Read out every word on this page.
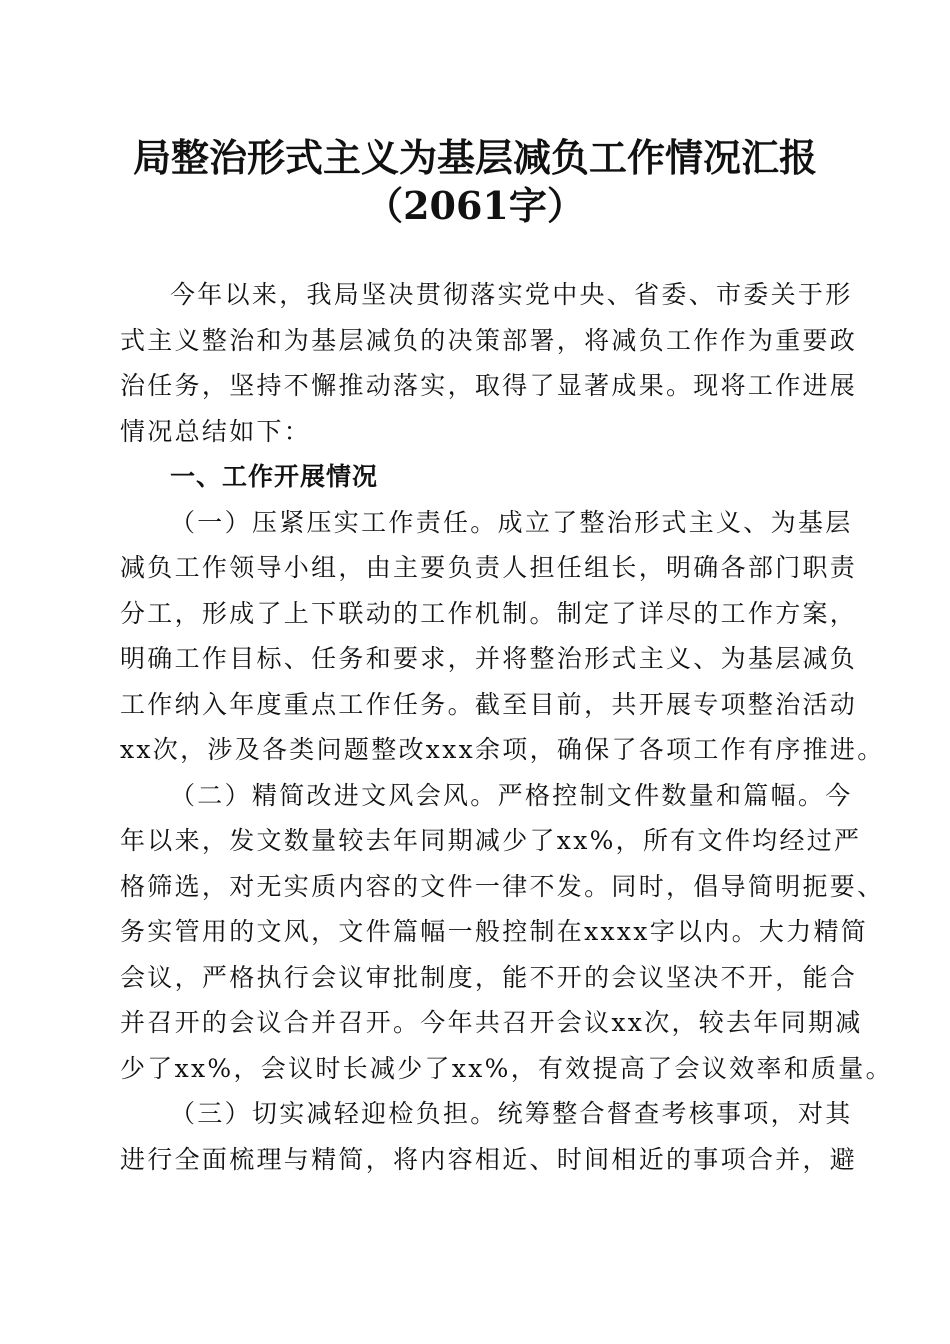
局整治形式主义为基层减负工作情况汇报
（2061字）
今年以来，我局坚决贯彻落实党中央、省委、市委关于形
式主义整治和为基层减负的决策部署，将减负工作作为重要政
治任务，坚持不懈推动落实，取得了显著成果。现将工作进展
情况总结如下：
一、工作开展情况
（一）压紧压实工作责任。成立了整治形式主义、为基层
减负工作领导小组，由主要负责人担任组长，明确各部门职责
分工，形成了上下联动的工作机制。制定了详尽的工作方案，
明确工作目标、任务和要求，并将整治形式主义、为基层减负
工作纳入年度重点工作任务。截至目前，共开展专项整治活动
xx次，涉及各类问题整改xxx余项，确保了各项工作有序推进。
（二）精简改进文风会风。严格控制文件数量和篇幅。今
年以来，发文数量较去年同期减少了xx%，所有文件均经过严
格筛选，对无实质内容的文件一律不发。同时，倡导简明扼要、
务实管用的文风，文件篇幅一般控制在xxxx字以内。大力精简
会议，严格执行会议审批制度，能不开的会议坚决不开，能合
并召开的会议合并召开。今年共召开会议xx次，较去年同期减
少了xx%，会议时长减少了xx%，有效提高了会议效率和质量。
（三）切实减轻迎检负担。统筹整合督查考核事项，对其
进行全面梳理与精简，将内容相近、时间相近的事项合并，避
